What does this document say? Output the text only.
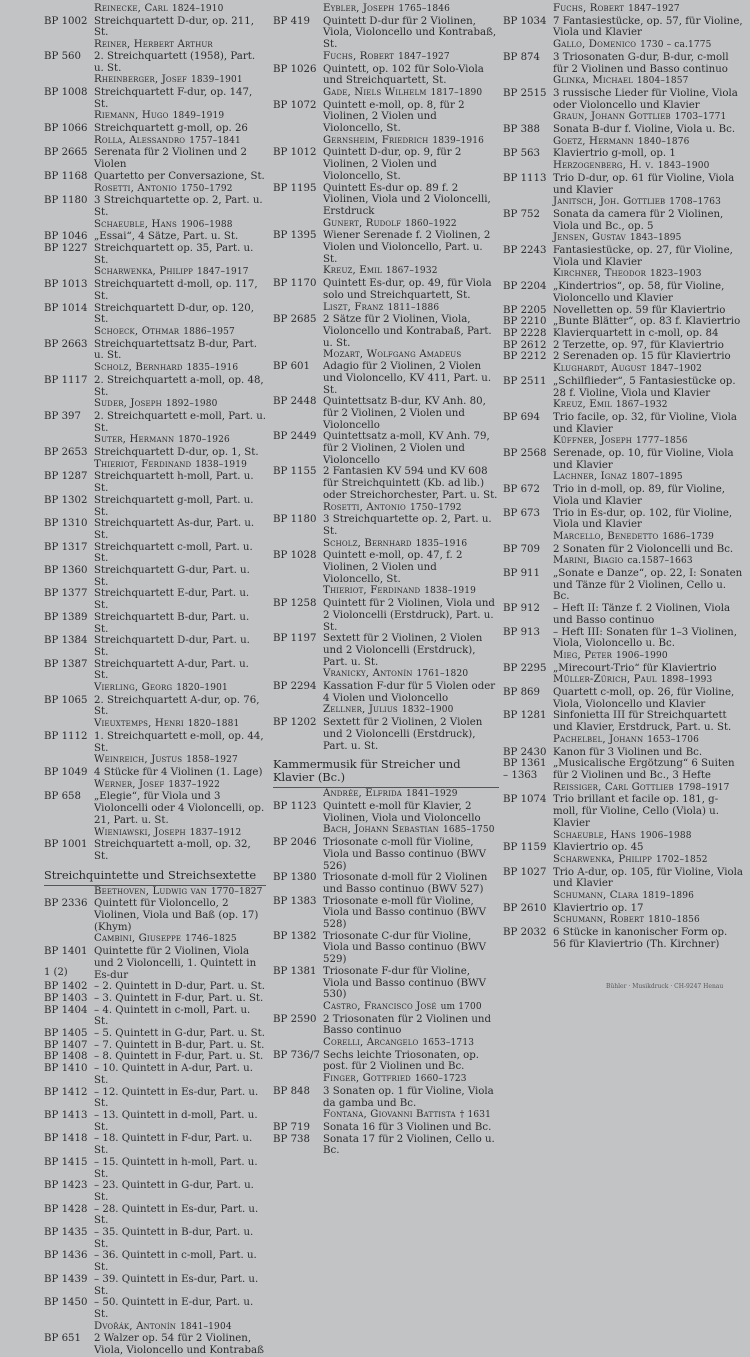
Reinecke, Carl 1824–1910
BP 1002 Streichquartett D-dur, op. 211, St.
Reiner, Herbert Arthur
BP 560	2. Streichquartett (1958), Part. u. St.
Rheinberger, Josef 1839–1901
BP 1008 Streichquartett F-dur, op. 147, St.
Riemann, Hugo 1849–1919
BP 1066 Streichquartett g-moll, op. 26
Rolla, Alessandro 1757–1841
BP 2665 Serenata für 2 Violinen und 2 Violen
BP 1168 Quartetto per Conversazione, St.
Rosetti, Antonio 1750–1792
BP 1180 3 Streichquartette op. 2, Part. u. St.
Schaeuble, Hans 1906–1988
BP 1046 „Essai“, 4 Sätze, Part. u. St.
BP 1227 Streichquartett op. 35, Part. u. St.
Scharwenka, Philipp 1847–1917
BP 1013 Streichquartett d-moll, op. 117, St.
BP 1014 Streichquartett D-dur, op. 120, St.
Schoeck, Othmar 1886–1957
BP 2663 Streichquartettsatz B-dur, Part. u. St.
Scholz, Bernhard 1835–1916
BP 1117 2. Streichquartett a-moll, op. 48, St.
Suder, Joseph 1892–1980
BP 397	2. Streichquartett e-moll, Part. u. St.
Suter, Hermann 1870–1926
BP 2653 Streichquartett D-dur, op. 1, St.
Thieriot, Ferdinand 1838–1919
BP 1287 Streichquartett h-moll, Part. u. St.
BP 1302 Streichquartett g-moll, Part. u. St.
BP 1310 Streichquartett As-dur, Part. u. St.
BP 1317 Streichquartett c-moll, Part. u. St.
BP 1360 Streichquartett G-dur, Part. u. St.
BP 1377 Streichquartett E-dur, Part. u. St.
BP 1389 Streichquartett B-dur, Part. u. St.
BP 1384 Streichquartett D-dur, Part. u. St.
BP 1387 Streichquartett A-dur, Part. u. St.
Vierling, Georg 1820–1901
BP 1065 2. Streichquartett A-dur, op. 76, St.
Vieuxtemps, Henri 1820–1881
BP 1112 1. Streichquartett e-moll, op. 44, St.
Weinreich, Justus 1858–1927
BP 1049 4 Stücke für 4 Violinen (1. Lage)
Werner, Josef 1837–1922
BP 658	„Elegie“, für Viola und 3 Violoncelli oder 4 Violoncelli, op. 21, Part. u. St.
Wieniawski, Joseph 1837–1912
BP 1001 Streichquartett a-moll, op. 32, St.
Streichquintette und Streichsextette
Beethoven, Ludwig van 1770–1827
BP 2336 Quintett für Violoncello, 2 Violinen, Viola und Baß (op. 17) (Khym)
Cambini, Giuseppe 1746–1825
BP 1401 Quintette für 2 Violinen, Viola und 2 Violoncelli, 1. Quintett in Es-dur
BP 1402 – 2. Quintett in D-dur, Part. u. St.
BP 1403 – 3. Quintett in F-dur, Part. u. St.
BP 1404 – 4. Quintett in c-moll, Part. u. St.
BP 1405 – 5. Quintett in G-dur, Part. u. St.
BP 1407 – 7. Quintett in B-dur, Part. u. St.
BP 1408 – 8. Quintett in F-dur, Part. u. St.
BP 1410 – 10. Quintett in A-dur, Part. u. St.
BP 1412 – 12. Quintett in Es-dur, Part. u. St.
BP 1413 – 13. Quintett in d-moll, Part. u. St.
BP 1418 – 18. Quintett in F-dur, Part. u. St.
BP 1415 – 15. Quintett in h-moll, Part. u. St.
BP 1423 – 23. Quintett in G-dur, Part. u. St.
BP 1428 – 28. Quintett in Es-dur, Part. u. St.
BP 1435 – 35. Quintett in B-dur, Part. u. St.
BP 1436 – 36. Quintett in c-moll, Part. u. St.
BP 1439 – 39. Quintett in Es-dur, Part. u. St.
BP 1450 – 50. Quintett in E-dur, Part. u. St.
Dvořák, Antonín 1841–1904
BP 651	2 Walzer op. 54 für 2 Violinen, Viola, Violoncello und Kontrabaß
Eybler, Joseph 1765–1846
BP 419	Quintett D-dur für 2 Violinen, Viola, Violoncello und Kontrabaß, St.
Fuchs, Robert 1847–1927
BP 1026 Quintett, op. 102 für Solo-Viola und Streichquartett, St.
Gade, Niels Wilhelm 1817–1890
BP 1072 Quintett e-moll, op. 8, für 2 Violinen, 2 Violen und Violoncello, St.
Gernsheim, Friedrich 1839–1916
BP 1012 Quintett D-dur, op. 9, für 2 Violinen, 2 Violen und Violoncello, St.
BP 1195 Quintett Es-dur op. 89 f. 2 Violinen, Viola und 2 Violoncelli, Erstdruck
Gunert, Rudolf 1860–1922
BP 1395 Wiener Serenade f. 2 Violinen, 2 Violen und Violoncello, Part. u. St.
Kreuz, Emil 1867–1932
BP 1170 Quintett Es-dur, op. 49, für Viola solo und Streichquartett, St.
Liszt, Franz 1811–1886
BP 2685 2 Sätze für 2 Violinen, Viola, Violoncello und Kontrabaß, Part. u. St.
Mozart, Wolfgang Amadeus
BP 601	Adagio für 2 Violinen, 2 Violen und Violoncello, KV 411, Part. u. St.
BP 2448 Quintettsatz B-dur, KV Anh. 80, für 2 Violinen, 2 Violen und Violoncello
BP 2449 Quintettsatz a-moll, KV Anh. 79, für 2 Violinen, 2 Violen und Violoncello
BP 1155 2 Fantasien KV 594 und KV 608 für Streichquintett (Kb. ad lib.) oder Streichorchester, Part. u. St.
Rosetti, Antonio 1750–1792
BP 1180 3 Streichquartette op. 2, Part. u. St.
Scholz, Bernhard 1835–1916
BP 1028 Quintett e-moll, op. 47, f. 2 Violinen, 2 Violen und Violoncello, St.
Thieriot, Ferdinand 1838–1919
BP 1258 Quintett für 2 Violinen, Viola und 2 Violoncelli (Erstdruck), Part. u. St.
BP 1197 Sextett für 2 Violinen, 2 Violen und 2 Violoncelli (Erstdruck), Part. u. St.
Vranicky, Antonín 1761–1820
BP 2294 Kassation F-dur für 5 Violen oder 4 Violen und Violoncello
Zellner, Julius 1832–1900
BP 1202 Sextett für 2 Violinen, 2 Violen und 2 Violoncelli (Erstdruck), Part. u. St.
Kammermusik für Streicher und Klavier (Bc.)
Andrée, Elfrida 1841–1929
BP 1123 Quintett e-moll für Klavier, 2 Violinen, Viola und Violoncello
Bach, Johann Sebastian 1685–1750
BP 2046 Triosonate c-moll für Violine, Viola und Basso continuo (BWV 526)
BP 1380 Triosonate d-moll für 2 Violinen und Basso continuo (BWV 527)
BP 1383 Triosonate e-moll für Violine, Viola und Basso continuo (BWV 528)
BP 1382 Triosonate C-dur für Violine, Viola und Basso continuo (BWV 529)
BP 1381 Triosonate F-dur für Violine, Viola und Basso continuo (BWV 530)
Castro, Francisco José um 1700
BP 2590 2 Triosonaten für 2 Violinen und Basso continuo
Corelli, Arcangelo 1653–1713
BP 736/7 Sechs leichte Triosonaten, op. post. für 2 Violinen und Bc.
Finger, Gottfried 1660–1723
BP 848	3 Sonaten op. 1 für Violine, Viola da gamba und Bc.
Fontana, Giovanni Battista † 1631
BP 719	Sonata 16 für 3 Violinen und Bc.
BP 738	Sonata 17 für 2 Violinen, Cello u. Bc.
Fuchs, Robert 1847–1927
BP 1034 7 Fantasiestücke, op. 57, für Violine, Viola und Klavier
Gallo, Domenico 1730 – ca.1775
BP 874	3 Triosonaten G-dur, B-dur, c-moll für 2 Violinen und Basso continuo
Glinka, Michael 1804–1857
BP 2515 3 russische Lieder für Violine, Viola oder Violoncello und Klavier
Graun, Johann Gottlieb 1703–1771
BP 388	Sonata B-dur f. Violine, Viola u. Bc.
Goetz, Hermann 1840–1876
BP 563	Klaviertrio g-moll, op. 1
Herzogenberg, H. v. 1843–1900
BP 1113 Trio D-dur, op. 61 für Violine, Viola und Klavier
Janitsch, Joh. Gottlieb 1708–1763
BP 752	Sonata da camera für 2 Violinen, Viola und Bc., op. 5
Jensen, Gustav 1843–1895
BP 2243 Fantasiestücke, op. 27, für Violine, Viola und Klavier
Kirchner, Theodor 1823–1903
BP 2204 „Kindertrios“, op. 58, für Violine, Violoncello und Klavier
BP 2205 Novelletten op. 59 für Klaviertrio
BP 2210 „Bunte Blätter“, op. 83 f. Klaviertrio
BP 2228 Klavierquartett in c-moll, op. 84
BP 2612 2 Terzette, op. 97, für Klaviertrio
BP 2212 2 Serenaden op. 15 für Klaviertrio
Klughardt, August 1847–1902
BP 2511 „Schilflieder“, 5 Fantasiestücke op. 28 f. Violine, Viola und Klavier
Kreuz, Emil 1867–1932
BP 694	Trio facile, op. 32, für Violine, Viola und Klavier
Küffner, Joseph 1777–1856
BP 2568 Serenade, op. 10, für Violine, Viola und Klavier
Lachner, Ignaz 1807–1895
BP 672	Trio in d-moll, op. 89, für Violine, Viola und Klavier
BP 673	Trio in Es-dur, op. 102, für Violine, Viola und Klavier
Marcello, Benedetto 1686–1739
BP 709	2 Sonaten für 2 Violoncelli und Bc.
Marini, Biagio ca.1587–1663
BP 911	„Sonate e Danze“, op. 22, I: Sonaten und Tänze für 2 Violinen, Cello u. Bc.
BP 912	– Heft II: Tänze f. 2 Violinen, Viola und Basso continuo
BP 913	– Heft III: Sonaten für 1–3 Violinen, Viola, Violoncello u. Bc.
Mieg, Peter 1906–1990
BP 2295 „Mirecourt-Trio“ für Klaviertrio
Müller-Zürich, Paul 1898–1993
BP 869	Quartett c-moll, op. 26, für Violine, Viola, Violoncello und Klavier
BP 1281 Sinfonietta III für Streichquartett und Klavier, Erstdruck, Part. u. St.
Pachelbel, Johann 1653–1706
BP 2430 Kanon für 3 Violinen und Bc.
BP 1361 „Musicalische Ergötzung“ 6 Suiten
– 1363	für 2 Violinen und Bc., 3 Hefte
Reissiger, Carl Gottlieb 1798–1917
BP 1074 Trio brillant et facile op. 181, g-moll, für Violine, Cello (Viola) u. Klavier
Schaeuble, Hans 1906–1988
BP 1159 Klaviertrio op. 45
Scharwenka, Philipp 1702–1852
BP 1027 Trio A-dur, op. 105, für Violine, Viola und Klavier
Schumann, Clara 1819–1896
BP 2610 Klaviertrio op. 17
Schumann, Robert 1810–1856
BP 2032 6 Stücke in kanonischer Form op. 56 für Klaviertrio (Th. Kirchner)
1 (2)
Bühler · Musikdruck · CH-9247 Henau
